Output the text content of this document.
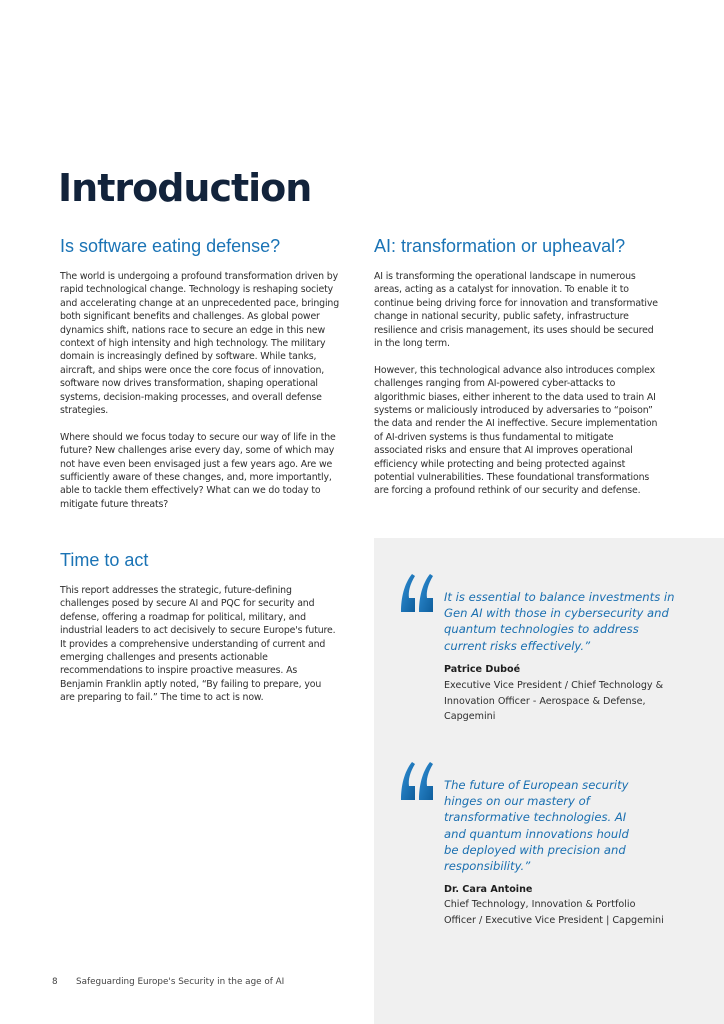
Introduction
Is software eating defense?

The world is undergoing a profound transformation driven by rapid technological change. Technology is reshaping society and accelerating change at an unprecedented pace, bringing both significant benefits and challenges. As global power dynamics shift, nations race to secure an edge in this new context of high intensity and high technology. The military domain is increasingly defined by software. While tanks, aircraft, and ships were once the core focus of innovation, software now drives transformation, shaping operational systems, decision-making processes, and overall defense strategies.

Where should we focus today to secure our way of life in the future? New challenges arise every day, some of which may not have even been envisaged just a few years ago. Are we sufficiently aware of these changes, and, more importantly, able to tackle them effectively? What can we do today to mitigate future threats?

AI: transformation or upheaval?

AI is transforming the operational landscape in numerous areas, acting as a catalyst for innovation. To enable it to continue being driving force for innovation and transformative change in national security, public safety, infrastructure resilience and crisis management, its uses should be secured in the long term.

However, this technological advance also introduces complex challenges ranging from AI-powered cyber-attacks to algorithmic biases, either inherent to the data used to train AI systems or maliciously introduced by adversaries to “poison” the data and render the AI ineffective. Secure implementation of AI-driven systems is thus fundamental to mitigate associated risks and ensure that AI improves operational efficiency while protecting and being protected against potential vulnerabilities. These foundational transformations are forcing a profound rethink of our security and defense.

Time to act

This report addresses the strategic, future-defining challenges posed by secure AI and PQC for security and defense, offering a roadmap for political, military, and industrial leaders to act decisively to secure Europe's future. It provides a comprehensive understanding of current and emerging challenges and presents actionable recommendations to inspire proactive measures. As Benjamin Franklin aptly noted, “By failing to prepare, you are preparing to fail.” The time to act is now.

It is essential to balance investments in Gen AI with those in cybersecurity and quantum technologies to address current risks effectively.”
Patrice Duboé
Executive Vice President / Chief Technology & Innovation Officer - Aerospace & Defense, Capgemini
The future of European security hinges on our mastery of transformative technologies. AI and quantum innovations hould be deployed with precision and responsibility.”
Dr. Cara Antoine
Chief Technology, Innovation & Portfolio Officer / Executive Vice President | Capgemini
8 Safeguarding Europe's Security in the age of AI
